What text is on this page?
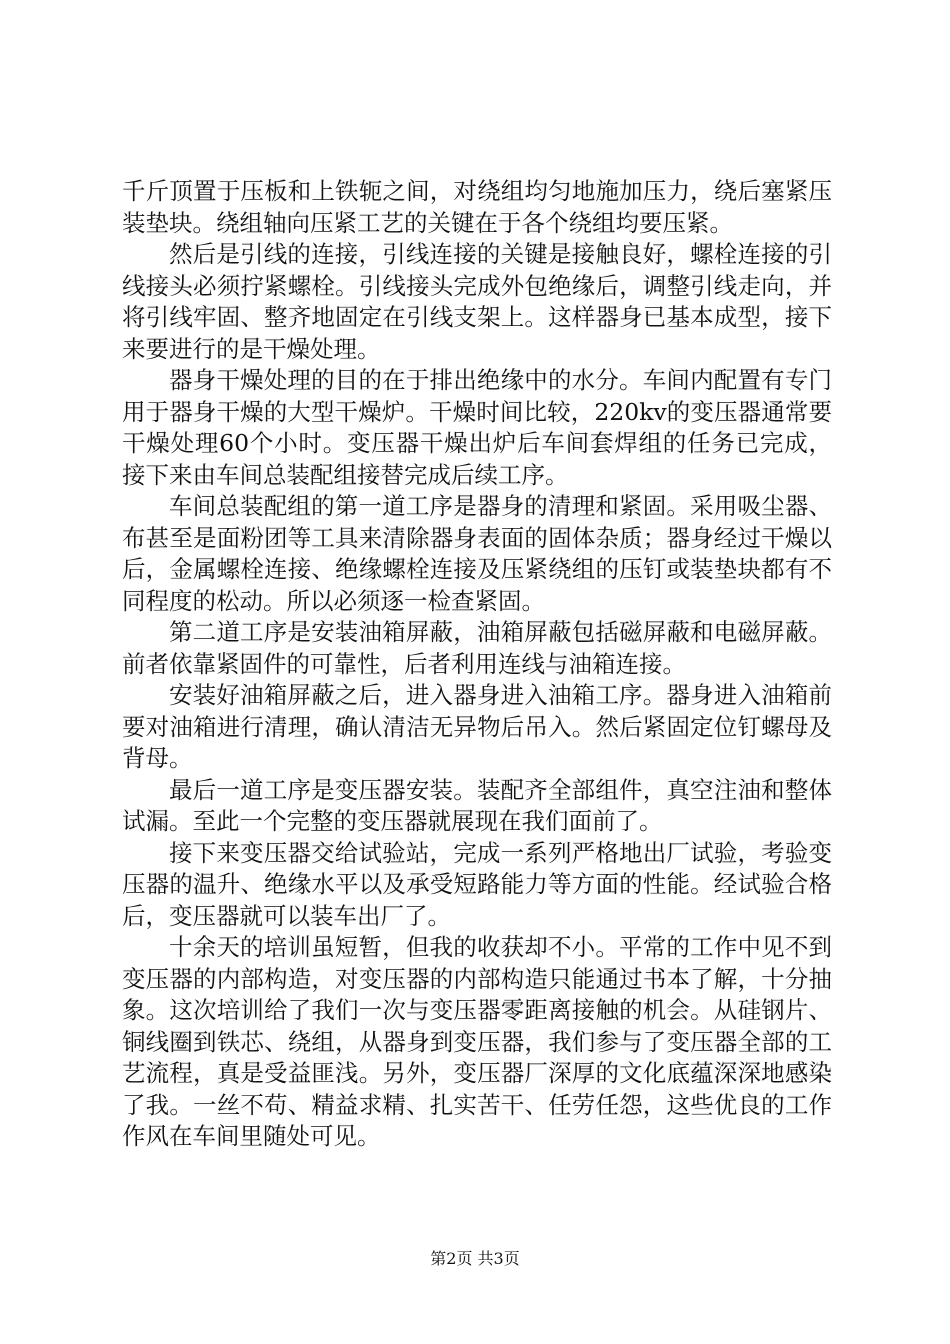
千斤顶置于压板和上铁轭之间，对绕组均匀地施加压力，绕后塞紧压装垫块。绕组轴向压紧工艺的关键在于各个绕组均要压紧。

然后是引线的连接，引线连接的关键是接触良好，螺栓连接的引线接头必须拧紧螺栓。引线接头完成外包绝缘后，调整引线走向，并将引线牢固、整齐地固定在引线支架上。这样器身已基本成型，接下来要进行的是干燥处理。

器身干燥处理的目的在于排出绝缘中的水分。车间内配置有专门用于器身干燥的大型干燥炉。干燥时间比较，220kv的变压器通常要干燥处理60个小时。变压器干燥出炉后车间套焊组的任务已完成，接下来由车间总装配组接替完成后续工序。

车间总装配组的第一道工序是器身的清理和紧固。采用吸尘器、布甚至是面粉团等工具来清除器身表面的固体杂质；器身经过干燥以后，金属螺栓连接、绝缘螺栓连接及压紧绕组的压钉或装垫块都有不同程度的松动。所以必须逐一检查紧固。

第二道工序是安装油箱屏蔽，油箱屏蔽包括磁屏蔽和电磁屏蔽。前者依靠紧固件的可靠性，后者利用连线与油箱连接。

安装好油箱屏蔽之后，进入器身进入油箱工序。器身进入油箱前要对油箱进行清理，确认清洁无异物后吊入。然后紧固定位钉螺母及背母。

最后一道工序是变压器安装。装配齐全部组件，真空注油和整体试漏。至此一个完整的变压器就展现在我们面前了。

接下来变压器交给试验站，完成一系列严格地出厂试验，考验变压器的温升、绝缘水平以及承受短路能力等方面的性能。经试验合格后，变压器就可以装车出厂了。

十余天的培训虽短暂，但我的收获却不小。平常的工作中见不到变压器的内部构造，对变压器的内部构造只能通过书本了解，十分抽象。这次培训给了我们一次与变压器零距离接触的机会。从硅钢片、铜线圈到铁芯、绕组，从器身到变压器，我们参与了变压器全部的工艺流程，真是受益匪浅。另外，变压器厂深厚的文化底蕴深深地感染了我。一丝不苟、精益求精、扎实苦干、任劳任怨，这些优良的工作作风在车间里随处可见。

第2页 共3页
